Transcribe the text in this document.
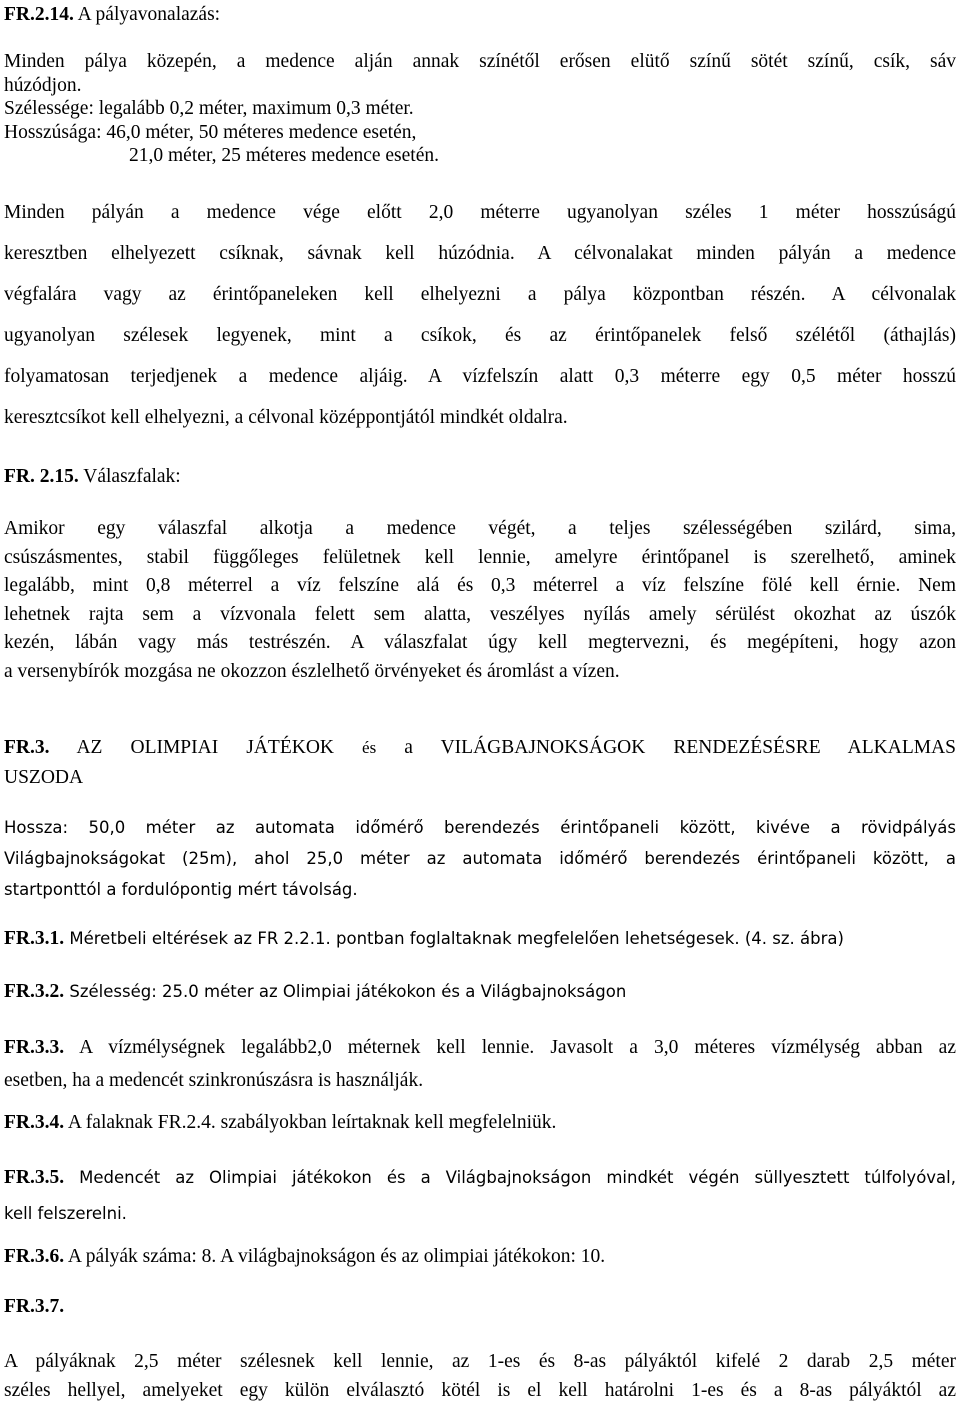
FR.2.14. A pályavonalazás:
Minden pálya közepén, a medence alján annak színétől erősen elütő színű sötét színű, csík, sáv
húzódjon.
Szélessége: legalább 0,2 méter, maximum 0,3 méter.
Hosszúsága: 46,0 méter, 50 méteres medence esetén,
21,0 méter, 25 méteres medence esetén.
Minden pályán a medence vége előtt 2,0 méterre ugyanolyan széles 1 méter hosszúságú
keresztben elhelyezett csíknak, sávnak kell húzódnia. A célvonalakat minden pályán a medence
végfalára vagy az érintőpaneleken kell elhelyezni a pálya központban részén. A célvonalak
ugyanolyan szélesek legyenek, mint a csíkok, és az érintőpanelek felső szélétől (áthajlás)
folyamatosan terjedjenek a medence aljáig. A vízfelszín alatt 0,3 méterre egy 0,5 méter hosszú
keresztcsíkot kell elhelyezni, a célvonal középpontjától mindkét oldalra.
FR. 2.15. Válaszfalak:
Amikor egy válaszfal alkotja a medence végét, a teljes szélességében szilárd, sima,
csúszásmentes, stabil függőleges felületnek kell lennie, amelyre érintőpanel is szerelhető, aminek
legalább, mint 0,8 méterrel a víz felszíne alá és 0,3 méterrel a víz felszíne fölé kell érnie. Nem
lehetnek rajta sem a vízvonala felett sem alatta, veszélyes nyílás amely sérülést okozhat az úszók
kezén, lábán vagy más testrészén. A válaszfalat úgy kell megtervezni, és megépíteni, hogy azon
a versenybírók mozgása ne okozzon észlelhető örvényeket és áromlást a vízen.
FR.3. AZ OLIMPIAI JÁTÉKOK és a VILÁGBAJNOKSÁGOK RENDEZÉSÉSRE ALKALMAS
USZODA
Hossza: 50,0 méter az automata időmérő berendezés érintőpaneli között, kivéve a rövidpályás
Világbajnokságokat (25m), ahol 25,0 méter az automata időmérő berendezés érintőpaneli között, a
startponttól a fordulópontig mért távolság.
FR.3.1. Méretbeli eltérések az FR 2.2.1. pontban foglaltaknak megfelelően lehetségesek. (4. sz. ábra)
FR.3.2. Szélesség: 25.0 méter az Olimpiai játékokon és a Világbajnokságon
FR.3.3. A vízmélységnek legalább2,0 méternek kell lennie. Javasolt a 3,0 méteres vízmélység abban az
esetben, ha a medencét szinkronúszásra is használják.
FR.3.4. A falaknak FR.2.4. szabályokban leírtaknak kell megfelelniük.
FR.3.5. Medencét az Olimpiai játékokon és a Világbajnokságon mindkét végén süllyesztett túlfolyóval,
kell felszerelni.
FR.3.6. A pályák száma: 8. A világbajnokságon és az olimpiai játékokon: 10.
FR.3.7.
A pályáknak 2,5 méter szélesnek kell lennie, az 1-es és 8-as pályáktól kifelé 2 darab 2,5 méter
széles hellyel, amelyeket egy külön elválasztó kötél is el kell határolni 1-es és a 8-as pályáktól az
